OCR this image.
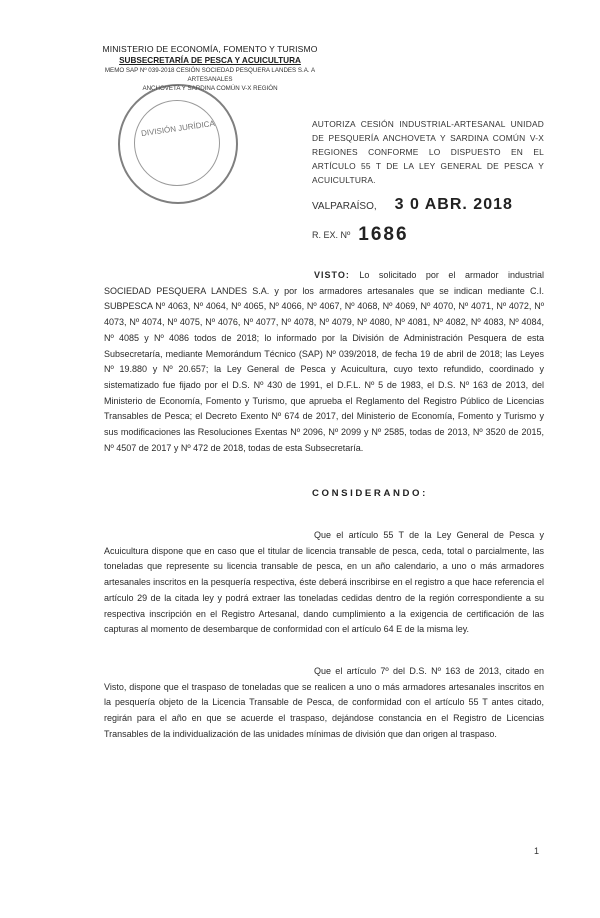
MINISTERIO DE ECONOMÍA, FOMENTO Y TURISMO
SUBSECRETARÍA DE PESCA Y ACUICULTURA
MEMO SAP Nº 039-2018 CESIÓN SOCIEDAD PESQUERA LANDES S.A. A
ARTESANALES
ANCHOVETA Y SARDINA COMÚN V-X REGIÓN
DIVISIÓN JURÍDICA	AUTORIZA CESIÓN INDUSTRIAL-ARTESANAL UNIDAD DE PESQUERÍA ANCHOVETA Y SARDINA COMÚN V-X REGIONES CONFORME LO DISPUESTO EN EL ARTÍCULO 55 T DE LA LEY GENERAL DE PESCA Y ACUICULTURA.
VALPARAÍSO, 3 0 ABR. 2018
R. EX. Nº 1686
VISTO: Lo solicitado por el armador industrial SOCIEDAD PESQUERA LANDES S.A. y por los armadores artesanales que se indican mediante C.I. SUBPESCA Nº 4063, Nº 4064, Nº 4065, Nº 4066, Nº 4067, Nº 4068, Nº 4069, Nº 4070, Nº 4071, Nº 4072, Nº 4073, Nº 4074, Nº 4075, Nº 4076, Nº 4077, Nº 4078, Nº 4079, Nº 4080, Nº 4081, Nº 4082, Nº 4083, Nº 4084, Nº 4085 y Nº 4086 todos de 2018; lo informado por la División de Administración Pesquera de esta Subsecretaría, mediante Memorándum Técnico (SAP) Nº 039/2018, de fecha 19 de abril de 2018; las Leyes Nº 19.880 y Nº 20.657; la Ley General de Pesca y Acuicultura, cuyo texto refundido, coordinado y sistematizado fue fijado por el D.S. Nº 430 de 1991, el D.F.L. Nº 5 de 1983, el D.S. Nº 163 de 2013, del Ministerio de Economía, Fomento y Turismo, que aprueba el Reglamento del Registro Público de Licencias Transables de Pesca; el Decreto Exento Nº 674 de 2017, del Ministerio de Economía, Fomento y Turismo y sus modificaciones las Resoluciones Exentas Nº 2096, Nº 2099 y Nº 2585, todas de 2013, Nº 3520 de 2015, Nº 4507 de 2017 y Nº 472 de 2018, todas de esta Subsecretaría.
CONSIDERANDO:
Que el artículo 55 T de la Ley General de Pesca y Acuicultura dispone que en caso que el titular de licencia transable de pesca, ceda, total o parcialmente, las toneladas que represente su licencia transable de pesca, en un año calendario, a uno o más armadores artesanales inscritos en la pesquería respectiva, éste deberá inscribirse en el registro a que hace referencia el artículo 29 de la citada ley y podrá extraer las toneladas cedidas dentro de la región correspondiente a su respectiva inscripción en el Registro Artesanal, dando cumplimiento a la exigencia de certificación de las capturas al momento de desembarque de conformidad con el artículo 64 E de la misma ley.
Que el artículo 7º del D.S. Nº 163 de 2013, citado en Visto, dispone que el traspaso de toneladas que se realicen a uno o más armadores artesanales inscritos en la pesquería objeto de la Licencia Transable de Pesca, de conformidad con el artículo 55 T antes citado, regirán para el año en que se acuerde el traspaso, dejándose constancia en el Registro de Licencias Transables de la individualización de las unidades mínimas de división que dan origen al traspaso.
1
